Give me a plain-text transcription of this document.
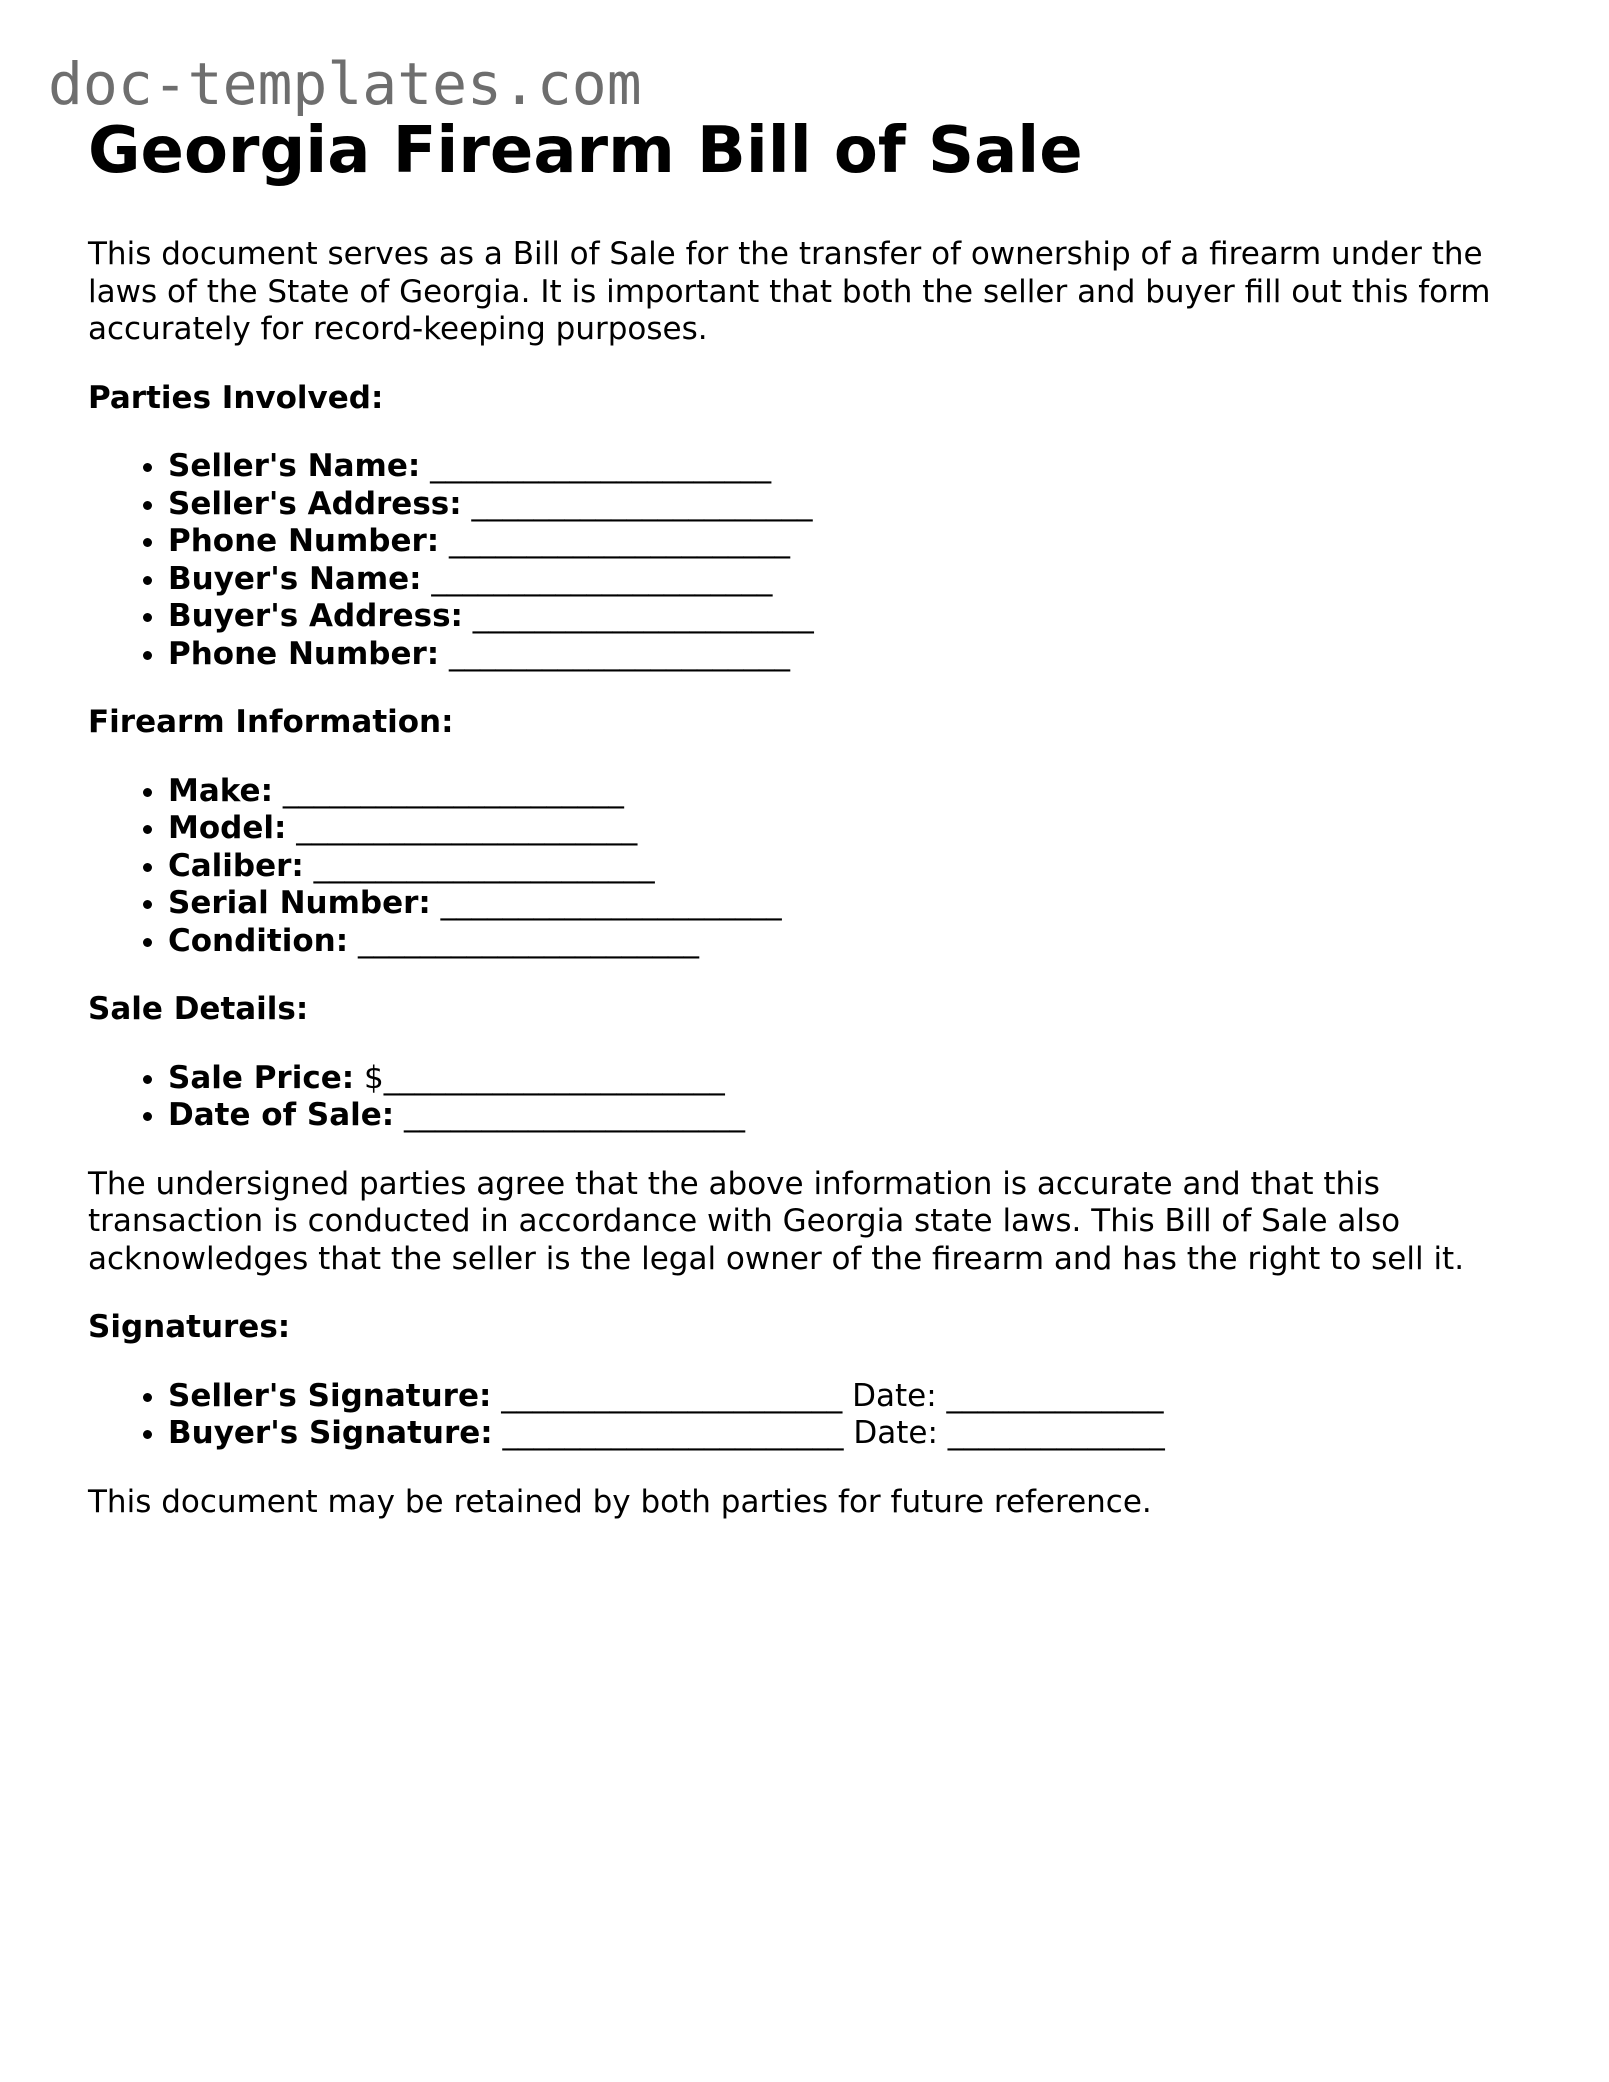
doc-templates.com
Georgia Firearm Bill of Sale

This document serves as a Bill of Sale for the transfer of ownership of a firearm under the laws of the State of Georgia. It is important that both the seller and buyer fill out this form accurately for record-keeping purposes.

Parties Involved:

• Seller's Name: ______________________
• Seller's Address: ______________________
• Phone Number: ______________________
• Buyer's Name: ______________________
• Buyer's Address: ______________________
• Phone Number: ______________________

Firearm Information:

• Make: ______________________
• Model: ______________________
• Caliber: ______________________
• Serial Number: ______________________
• Condition: ______________________

Sale Details:

• Sale Price: $______________________
• Date of Sale: ______________________

The undersigned parties agree that the above information is accurate and that this transaction is conducted in accordance with Georgia state laws. This Bill of Sale also acknowledges that the seller is the legal owner of the firearm and has the right to sell it.

Signatures:

• Seller's Signature: ______________________ Date: ______________
• Buyer's Signature: ______________________ Date: ______________

This document may be retained by both parties for future reference.
